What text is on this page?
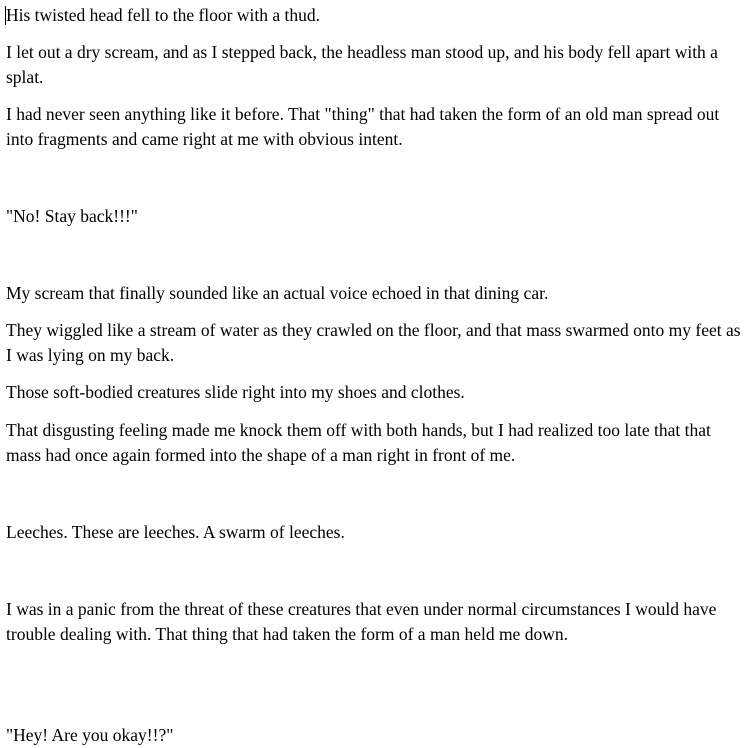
His twisted head fell to the floor with a thud.

I let out a dry scream, and as I stepped back, the headless man stood up, and his body fell apart with a splat.

I had never seen anything like it before. That "thing" that had taken the form of an old man spread out into fragments and came right at me with obvious intent.

"No! Stay back!!!"

My scream that finally sounded like an actual voice echoed in that dining car.

They wiggled like a stream of water as they crawled on the floor, and that mass swarmed onto my feet as I was lying on my back.

Those soft-bodied creatures slide right into my shoes and clothes.

That disgusting feeling made me knock them off with both hands, but I had realized too late that that mass had once again formed into the shape of a man right in front of me.

Leeches. These are leeches. A swarm of leeches.

I was in a panic from the threat of these creatures that even under normal circumstances I would have trouble dealing with. That thing that had taken the form of a man held me down.

"Hey! Are you okay!!?"
